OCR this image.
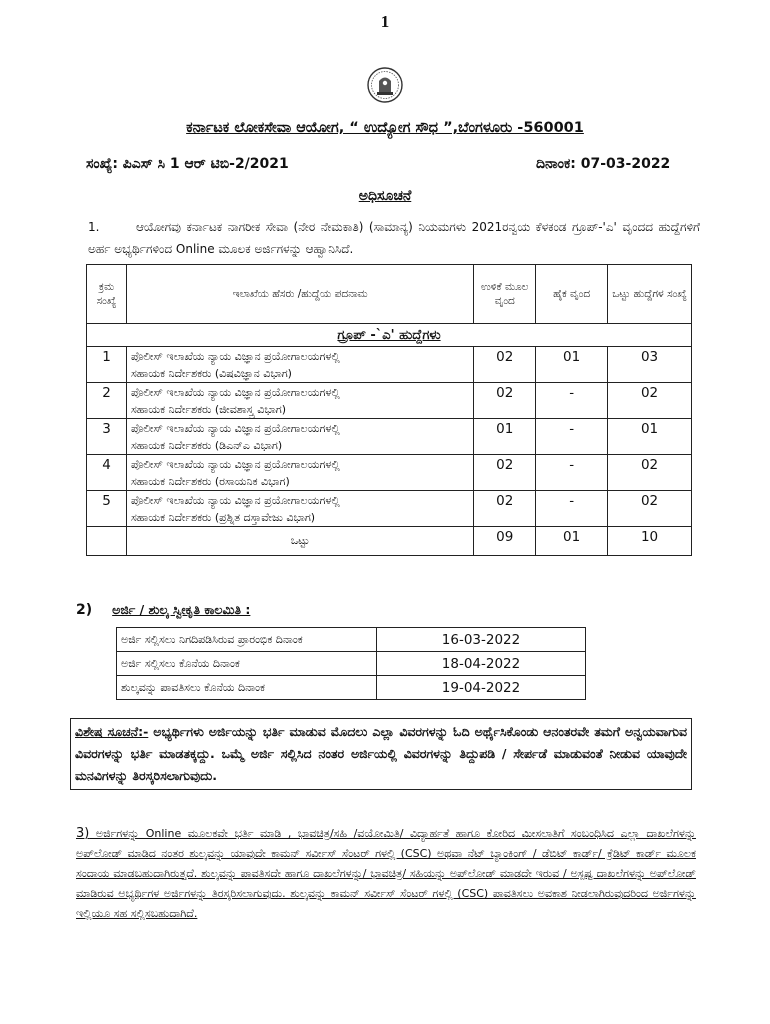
1
ಕರ್ನಾಟಕ ಲೋಕಸೇವಾ ಆಯೋಗ, “ ಉದ್ಯೋಗ ಸೌಧ ”,ಬೆಂಗಳೂರು -560001
ಸಂಖ್ಯೆ: ಪಿಎಸ್ ಸಿ 1 ಆರ್ ಟಿಬಿ-2/2021	ದಿನಾಂಕ: 07-03-2022
ಅಧಿಸೂಚನೆ
1.	ಆಯೋಗವು ಕರ್ನಾಟಕ ನಾಗರೀಕ ಸೇವಾ (ನೇರ ನೇಮಕಾತಿ) (ಸಾಮಾನ್ಯ) ನಿಯಮಗಳು 2021ರನ್ವಯ ಕೆಳಕಂಡ ಗ್ರೂಪ್-'ಎ' ವೃಂದದ ಹುದ್ದೆಗಳಿಗೆ ಅರ್ಹ ಅಭ್ಯರ್ಥಿಗಳಿಂದ Online ಮೂಲಕ ಅರ್ಜಿಗಳನ್ನು ಆಹ್ವಾನಿಸಿದೆ.
ಕ್ರಮ ಸಂಖ್ಯೆ	ಇಲಾಖೆಯ ಹೆಸರು /ಹುದ್ದೆಯ ಪದನಾಮ	ಉಳಿಕೆ ಮೂಲ ವೃಂದ	ಹೈಕ ವೃಂದ	ಒಟ್ಟು ಹುದ್ದೆಗಳ ಸಂಖ್ಯೆ
ಗ್ರೂಪ್ -`ಎ' ಹುದ್ದೆಗಳು				
1	ಪೊಲೀಸ್ ಇಲಾಖೆಯ ನ್ಯಾಯ ವಿಜ್ಞಾನ ಪ್ರಯೋಗಾಲಯಗಳಲ್ಲಿ
ಸಹಾಯಕ ನಿರ್ದೇಶಕರು (ವಿಷವಿಜ್ಞಾನ ವಿಭಾಗ)	02	01	03
2	ಪೊಲೀಸ್ ಇಲಾಖೆಯ ನ್ಯಾಯ ವಿಜ್ಞಾನ ಪ್ರಯೋಗಾಲಯಗಳಲ್ಲಿ
ಸಹಾಯಕ ನಿರ್ದೇಶಕರು (ಜೀವಶಾಸ್ತ್ರ ವಿಭಾಗ)	02	-	02
3	ಪೊಲೀಸ್ ಇಲಾಖೆಯ ನ್ಯಾಯ ವಿಜ್ಞಾನ ಪ್ರಯೋಗಾಲಯಗಳಲ್ಲಿ
ಸಹಾಯಕ ನಿರ್ದೇಶಕರು (ಡಿಎನ್‌ಎ ವಿಭಾಗ)	01	-	01
4	ಪೊಲೀಸ್ ಇಲಾಖೆಯ ನ್ಯಾಯ ವಿಜ್ಞಾನ ಪ್ರಯೋಗಾಲಯಗಳಲ್ಲಿ
ಸಹಾಯಕ ನಿರ್ದೇಶಕರು (ರಸಾಯನಿಕ ವಿಭಾಗ)	02	-	02
5	ಪೊಲೀಸ್ ಇಲಾಖೆಯ ನ್ಯಾಯ ವಿಜ್ಞಾನ ಪ್ರಯೋಗಾಲಯಗಳಲ್ಲಿ
ಸಹಾಯಕ ನಿರ್ದೇಶಕರು (ಪ್ರಶ್ನಿತ ದಸ್ತಾವೇಜು ವಿಭಾಗ)	02	-	02
	ಒಟ್ಟು	09	01	10
2) ಅರ್ಜಿ / ಶುಲ್ಕ ಸ್ವೀಕೃತಿ ಕಾಲಮಿತಿ :
ಅರ್ಜಿ ಸಲ್ಲಿಸಲು ನಿಗದಿಪಡಿಸಿರುವ ಪ್ರಾರಂಭಿಕ ದಿನಾಂಕ	16-03-2022
ಅರ್ಜಿ ಸಲ್ಲಿಸಲು ಕೊನೆಯ ದಿನಾಂಕ	18-04-2022
ಶುಲ್ಕವನ್ನು ಪಾವತಿಸಲು ಕೊನೆಯ ದಿನಾಂಕ	19-04-2022
ವಿಶೇಷ ಸೂಚನೆ:- ಅಭ್ಯರ್ಥಿಗಳು ಅರ್ಜಿಯನ್ನು ಭರ್ತಿ ಮಾಡುವ ಮೊದಲು ಎಲ್ಲಾ ವಿವರಗಳನ್ನು ಓದಿ ಅರ್ಥೈಸಿಕೊಂಡು ಆನಂತರವೇ ತಮಗೆ ಅನ್ವಯವಾಗುವ ವಿವರಗಳನ್ನು ಭರ್ತಿ ಮಾಡತಕ್ಕದ್ದು. ಒಮ್ಮೆ ಅರ್ಜಿ ಸಲ್ಲಿಸಿದ ನಂತರ ಅರ್ಜಿಯಲ್ಲಿ ವಿವರಗಳನ್ನು ತಿದ್ದುಪಡಿ / ಸೇರ್ಪಡೆ ಮಾಡುವಂತೆ ನೀಡುವ ಯಾವುದೇ ಮನವಿಗಳನ್ನು ತಿರಸ್ಕರಿಸಲಾಗುವುದು.
3) ಅರ್ಜಿಗಳನ್ನು Online ಮೂಲಕವೇ ಭರ್ತಿ ಮಾಡಿ , ಭಾವಚಿತ್ರ/ಸಹಿ /ವಯೋಮಿತಿ/ ವಿದ್ಯಾರ್ಹತೆ ಹಾಗೂ ಕೋರಿದ ಮೀಸಲಾತಿಗೆ ಸಂಬಂಧಿಸಿದ ಎಲ್ಲಾ ದಾಖಲೆಗಳನ್ನು ಅಪ್‌ಲೋಡ್ ಮಾಡಿದ ನಂತರ ಶುಲ್ಕವನ್ನು ಯಾವುದೇ ಕಾಮನ್ ಸರ್ವೀಸ್ ಸೆಂಟರ್ ಗಳಲ್ಲಿ (CSC) ಅಥವಾ ನೆಟ್ ಬ್ಯಾಂಕಿಂಗ್ / ಡೆಬಿಟ್ ಕಾರ್ಡ್/ ಕ್ರೆಡಿಟ್ ಕಾರ್ಡ್ ಮೂಲಕ ಸಂದಾಯ ಮಾಡಬಹುದಾಗಿರುತ್ತದೆ. ಶುಲ್ಕವನ್ನು ಪಾವತಿಸದೇ ಹಾಗೂ ದಾಖಲೆಗಳನ್ನು/ ಭಾವಚಿತ್ರ/ ಸಹಿಯನ್ನು ಅಪ್‌ಲೋಡ್ ಮಾಡದೇ ಇರುವ / ಅಸ್ಪಷ್ಟ ದಾಖಲೆಗಳನ್ನು ಅಪ್‌ಲೋಡ್ ಮಾಡಿರುವ ಅಭ್ಯರ್ಥಿಗಳ ಅರ್ಜಿಗಳನ್ನು ತಿರಸ್ಕರಿಸಲಾಗುವುದು. ಶುಲ್ಕವನ್ನು ಕಾಮನ್ ಸರ್ವೀಸ್ ಸೆಂಟರ್ ಗಳಲ್ಲಿ (CSC) ಪಾವತಿಸಲು ಅವಕಾಶ ನೀಡಲಾಗಿರುವುದರಿಂದ ಅರ್ಜಿಗಳನ್ನು ಇಲ್ಲಿಯೂ ಸಹ ಸಲ್ಲಿಸಬಹುದಾಗಿದೆ.
